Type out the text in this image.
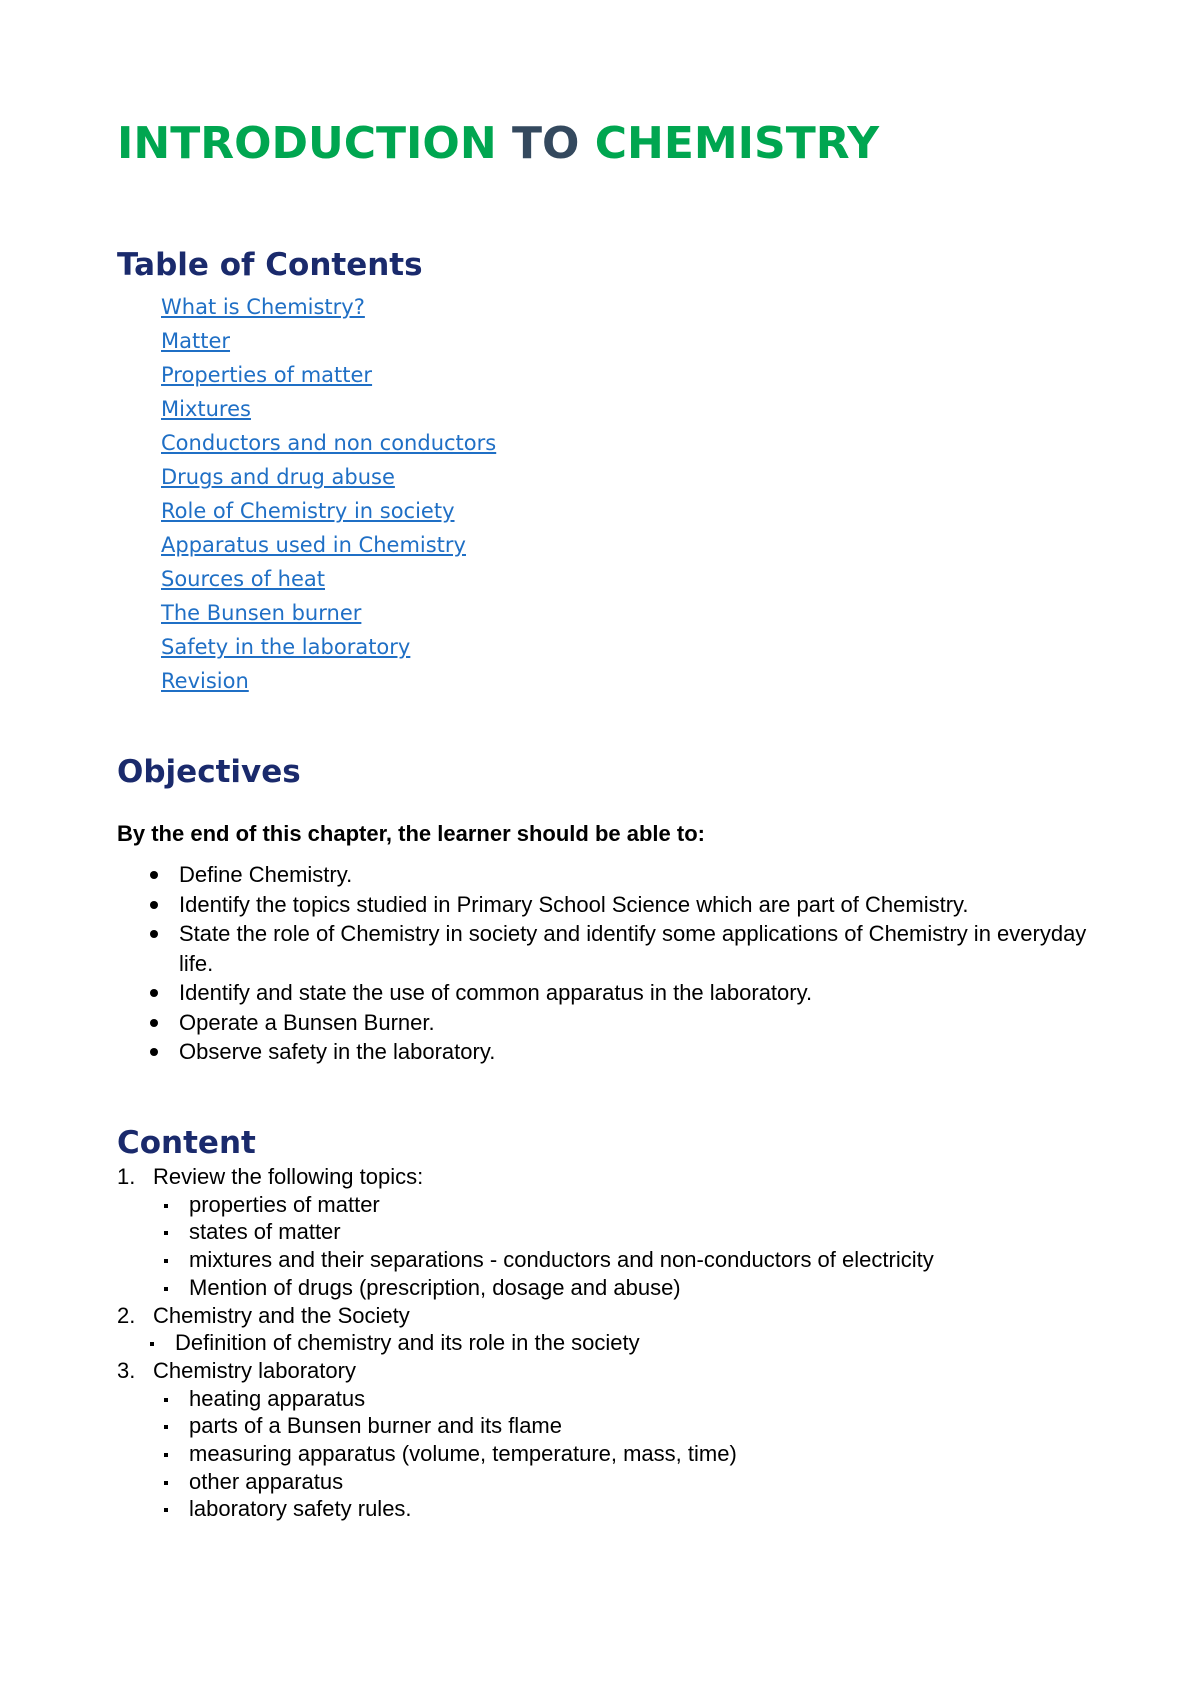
INTRODUCTION TO CHEMISTRY
Table of Contents
What is Chemistry?
Matter
Properties of matter
Mixtures
Conductors and non conductors
Drugs and drug abuse
Role of Chemistry in society
Apparatus used in Chemistry
Sources of heat
The Bunsen burner
Safety in the laboratory
Revision
Objectives

By the end of this chapter, the learner should be able to:

Define Chemistry.
Identify the topics studied in Primary School Science which are part of Chemistry.
State the role of Chemistry in society and identify some applications of Chemistry in everyday life.
Identify and state the use of common apparatus in the laboratory.
Operate a Bunsen Burner.
Observe safety in the laboratory.
Content
1. Review the following topics:
properties of matter
states of matter
mixtures and their separations - conductors and non-conductors of electricity
Mention of drugs (prescription, dosage and abuse)
2. Chemistry and the Society
Definition of chemistry and its role in the society
3. Chemistry laboratory
heating apparatus
parts of a Bunsen burner and its flame
measuring apparatus (volume, temperature, mass, time)
other apparatus
laboratory safety rules.
